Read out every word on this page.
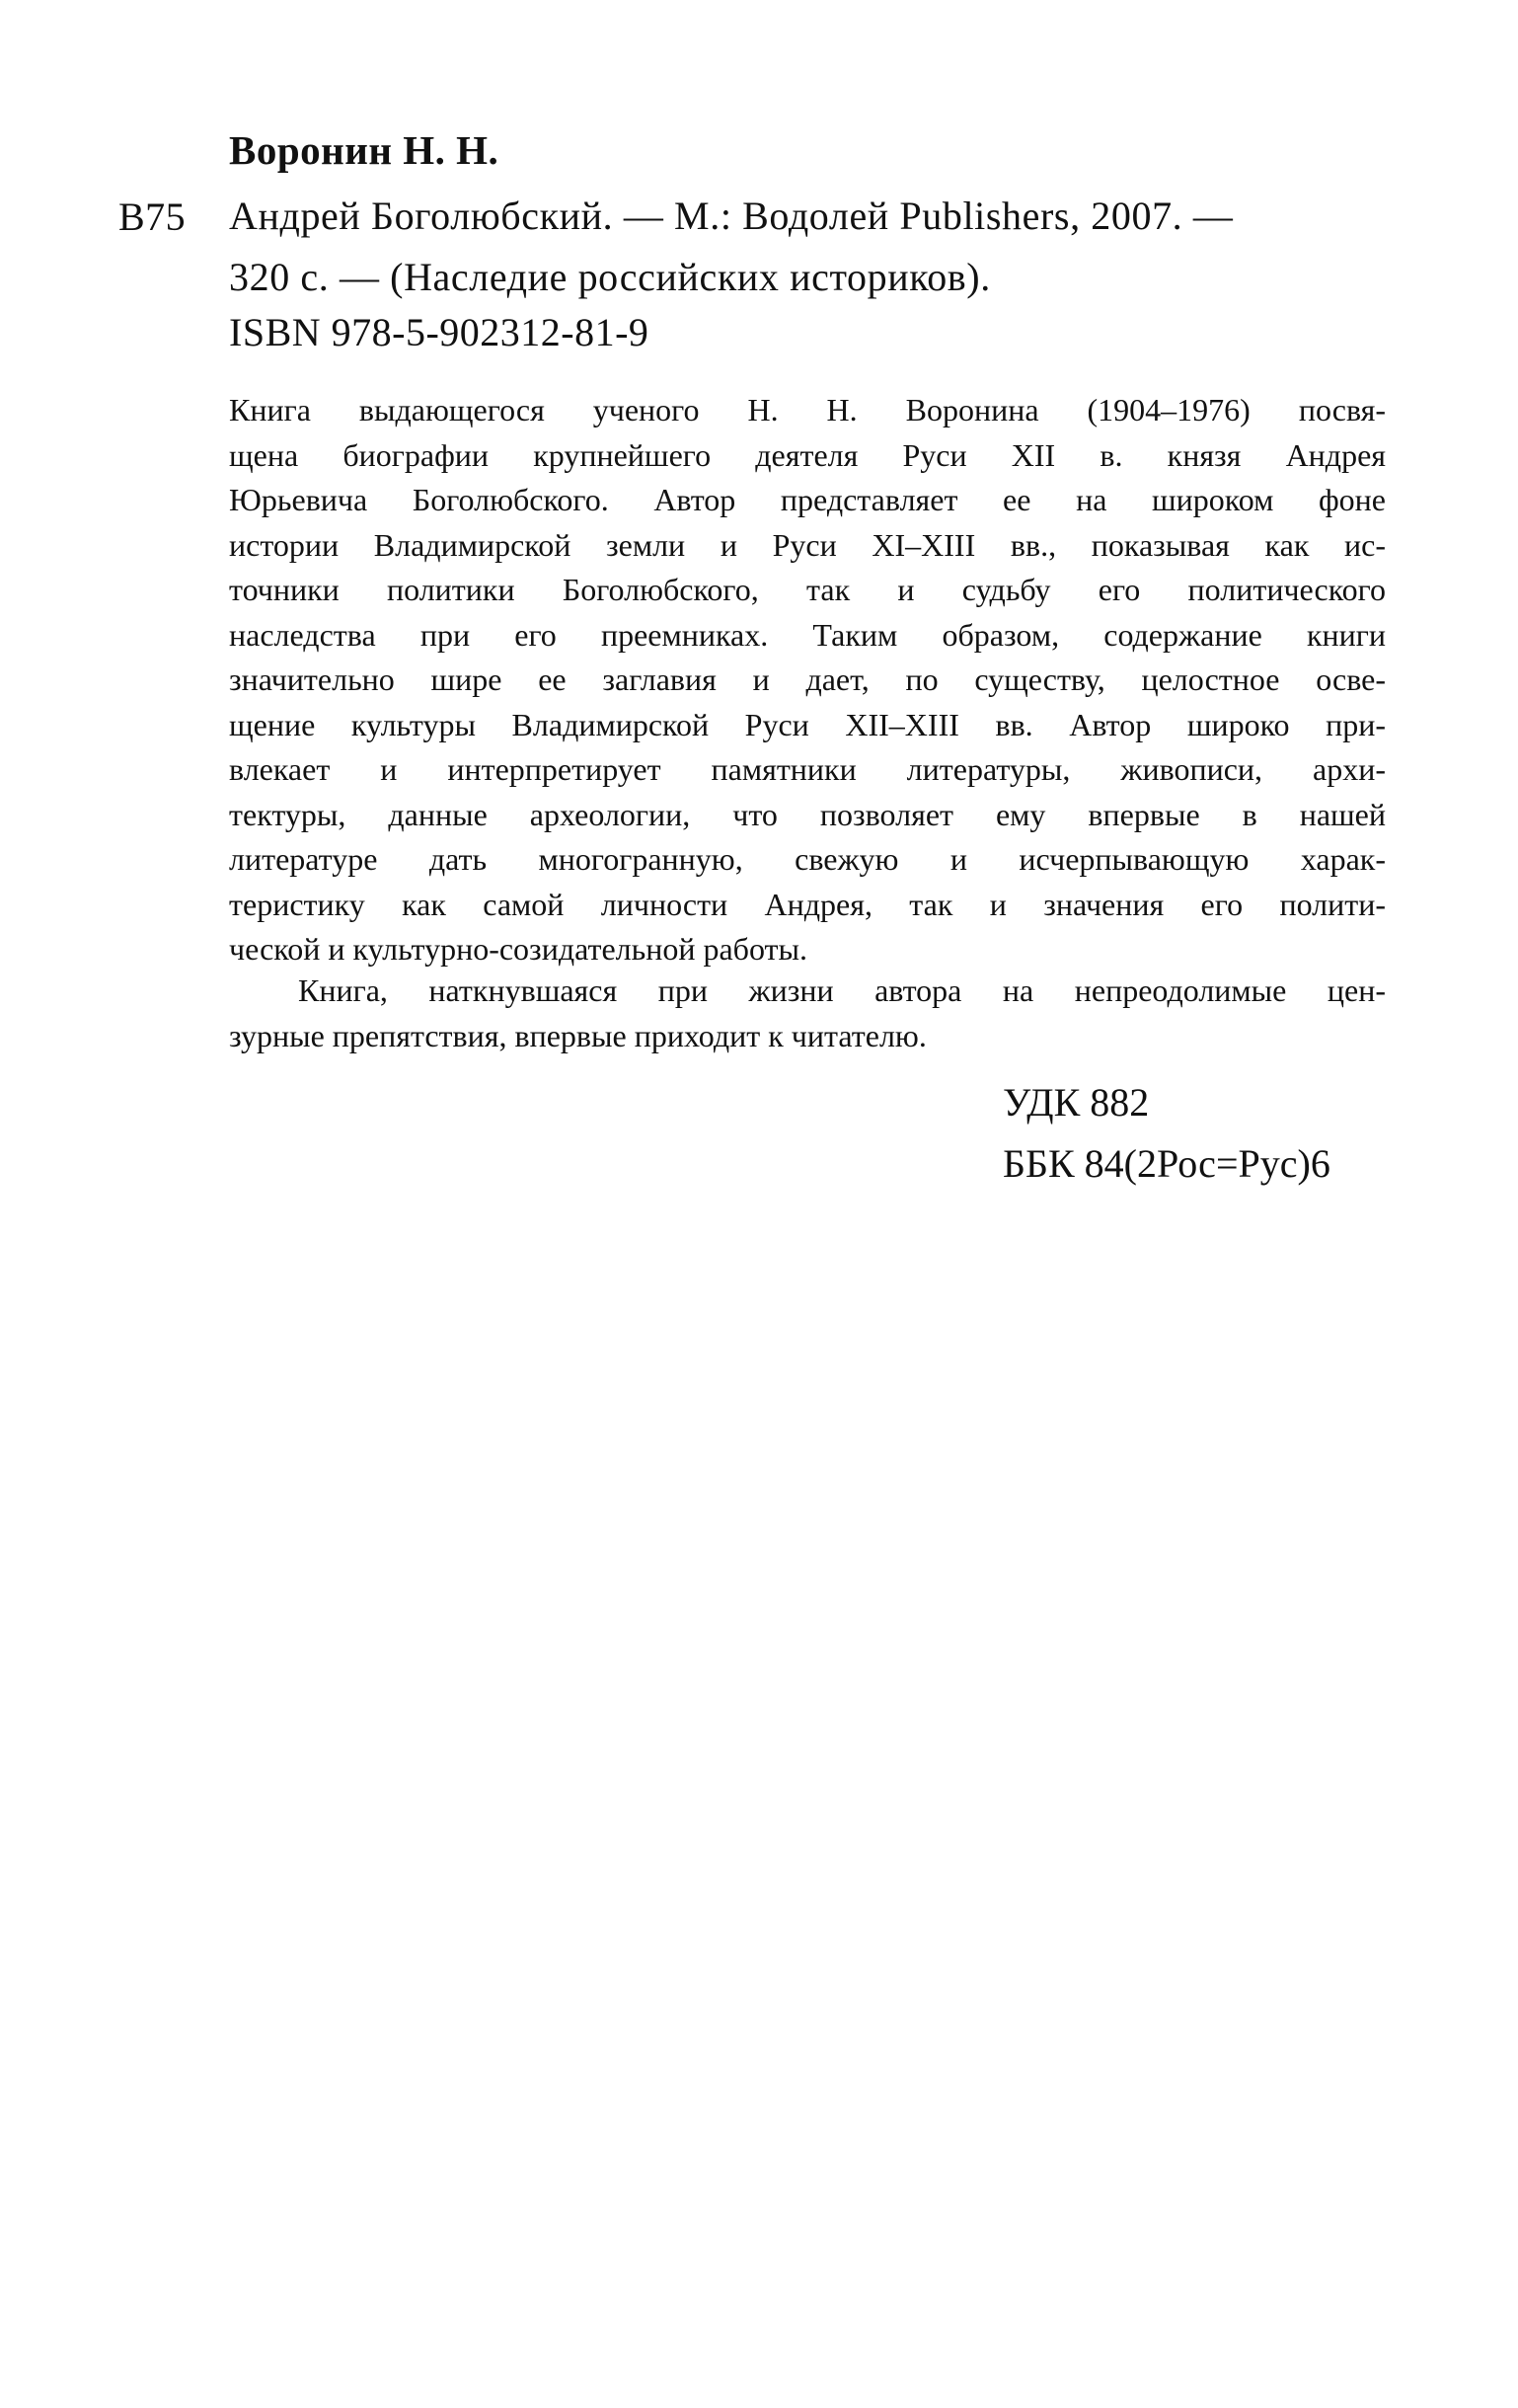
Воронин Н. Н.
В75 Андрей Боголюбский. — М.: Водолей Publishers, 2007. —
320 с. — (Наследие российских историков).

ISBN 978-5-902312-81-9

Книга выдающегося ученого Н. Н. Воронина (1904–1976) посвя-
щена биографии крупнейшего деятеля Руси XII в. князя Андрея
Юрьевича Боголюбского. Автор представляет ее на широком фоне
истории Владимирской земли и Руси XI–XIII вв., показывая как ис-
точники политики Боголюбского, так и судьбу его политического
наследства при его преемниках. Таким образом, содержание книги
значительно шире ее заглавия и дает, по существу, целостное осве-
щение культуры Владимирской Руси XII–XIII вв. Автор широко при-
влекает и интерпретирует памятники литературы, живописи, архи-
тектуры, данные археологии, что позволяет ему впервые в нашей
литературе дать многогранную, свежую и исчерпывающую харак-
теристику как самой личности Андрея, так и значения его полити-
ческой и культурно-созидательной работы.

Книга, наткнувшаяся при жизни автора на непреодолимые цен-
зурные препятствия, впервые приходит к читателю.

УДК 882
ББК 84(2Рос=Рус)6
